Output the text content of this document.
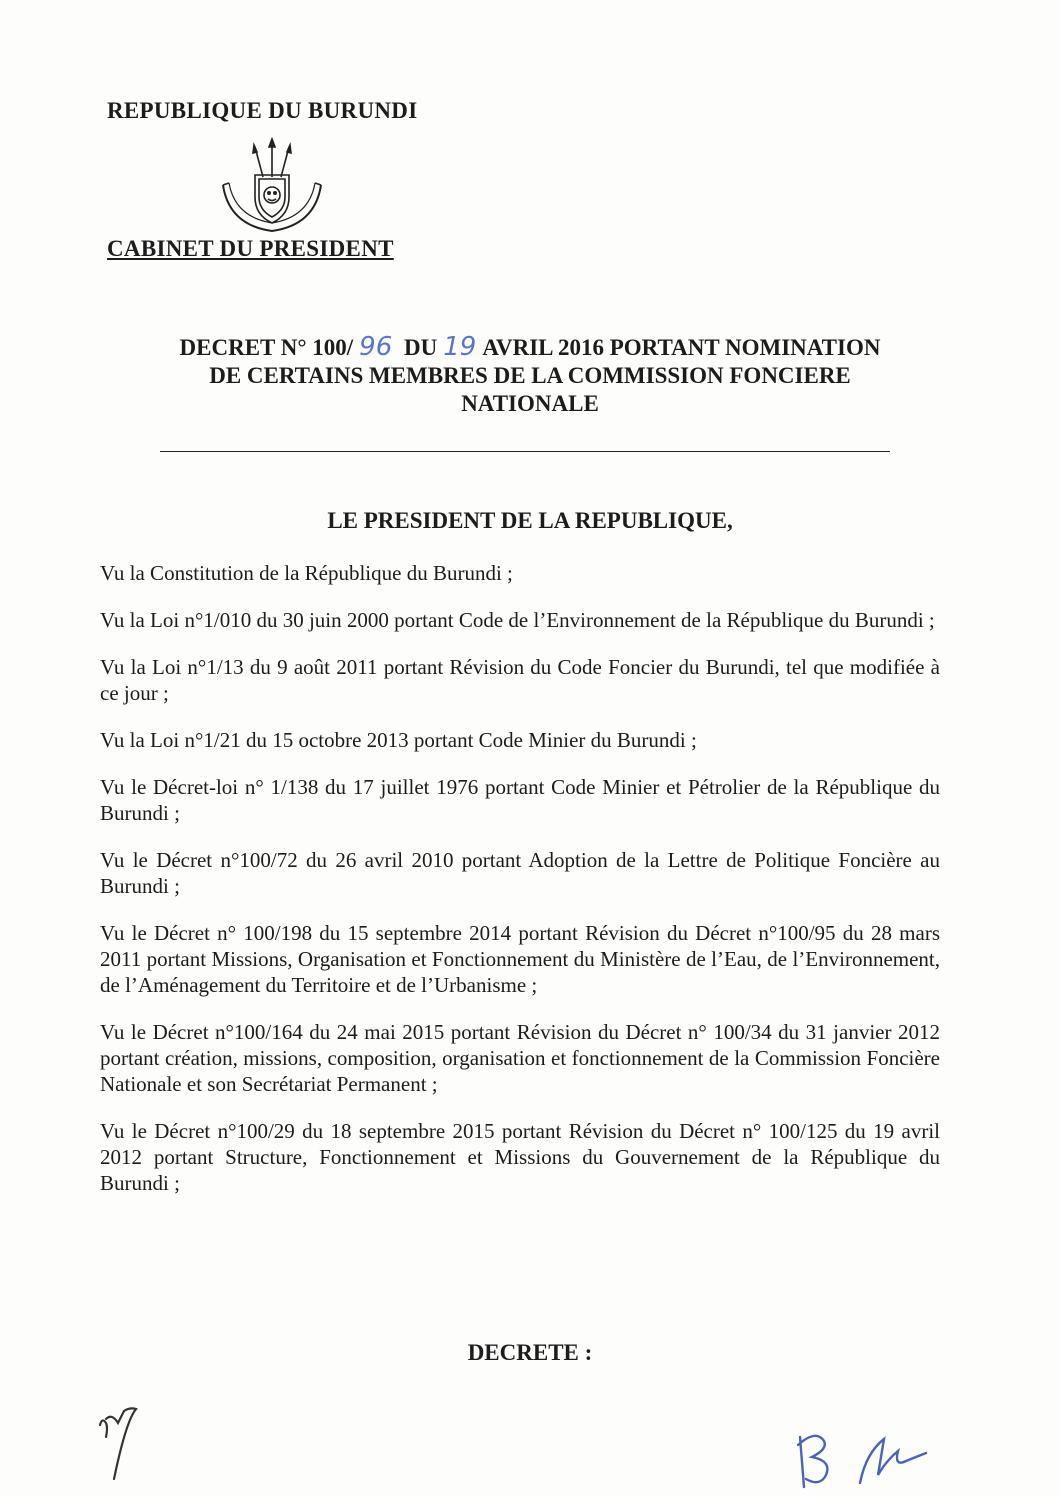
REPUBLIQUE DU BURUNDI
CABINET DU PRESIDENT
DECRET N° 100/ 96 DU 19 AVRIL 2016 PORTANT NOMINATION
DE CERTAINS MEMBRES DE LA COMMISSION FONCIERE
NATIONALE
LE PRESIDENT DE LA REPUBLIQUE,

Vu la Constitution de la République du Burundi ;

Vu la Loi n°1/010 du 30 juin 2000 portant Code de l’Environnement de la République du Burundi ;

Vu la Loi n°1/13 du 9 août 2011 portant Révision du Code Foncier du Burundi, tel que modifiée à ce jour ;

Vu la Loi n°1/21 du 15 octobre 2013 portant Code Minier du Burundi ;

Vu le Décret-loi n° 1/138 du 17 juillet 1976 portant Code Minier et Pétrolier de la République du Burundi ;

Vu le Décret n°100/72 du 26 avril 2010 portant Adoption de la Lettre de Politique Foncière au Burundi ;

Vu le Décret n° 100/198 du 15 septembre 2014 portant Révision du Décret n°100/95 du 28 mars 2011 portant Missions, Organisation et Fonctionnement du Ministère de l’Eau, de l’Environnement, de l’Aménagement du Territoire et de l’Urbanisme ;

Vu le Décret n°100/164 du 24 mai 2015 portant Révision du Décret n° 100/34 du 31 janvier 2012 portant création, missions, composition, organisation et fonctionnement de la Commission Foncière Nationale et son Secrétariat Permanent ;

Vu le Décret n°100/29 du 18 septembre 2015 portant Révision du Décret n° 100/125 du 19 avril 2012 portant Structure, Fonctionnement et Missions du Gouvernement de la République du Burundi ;

DECRETE :
